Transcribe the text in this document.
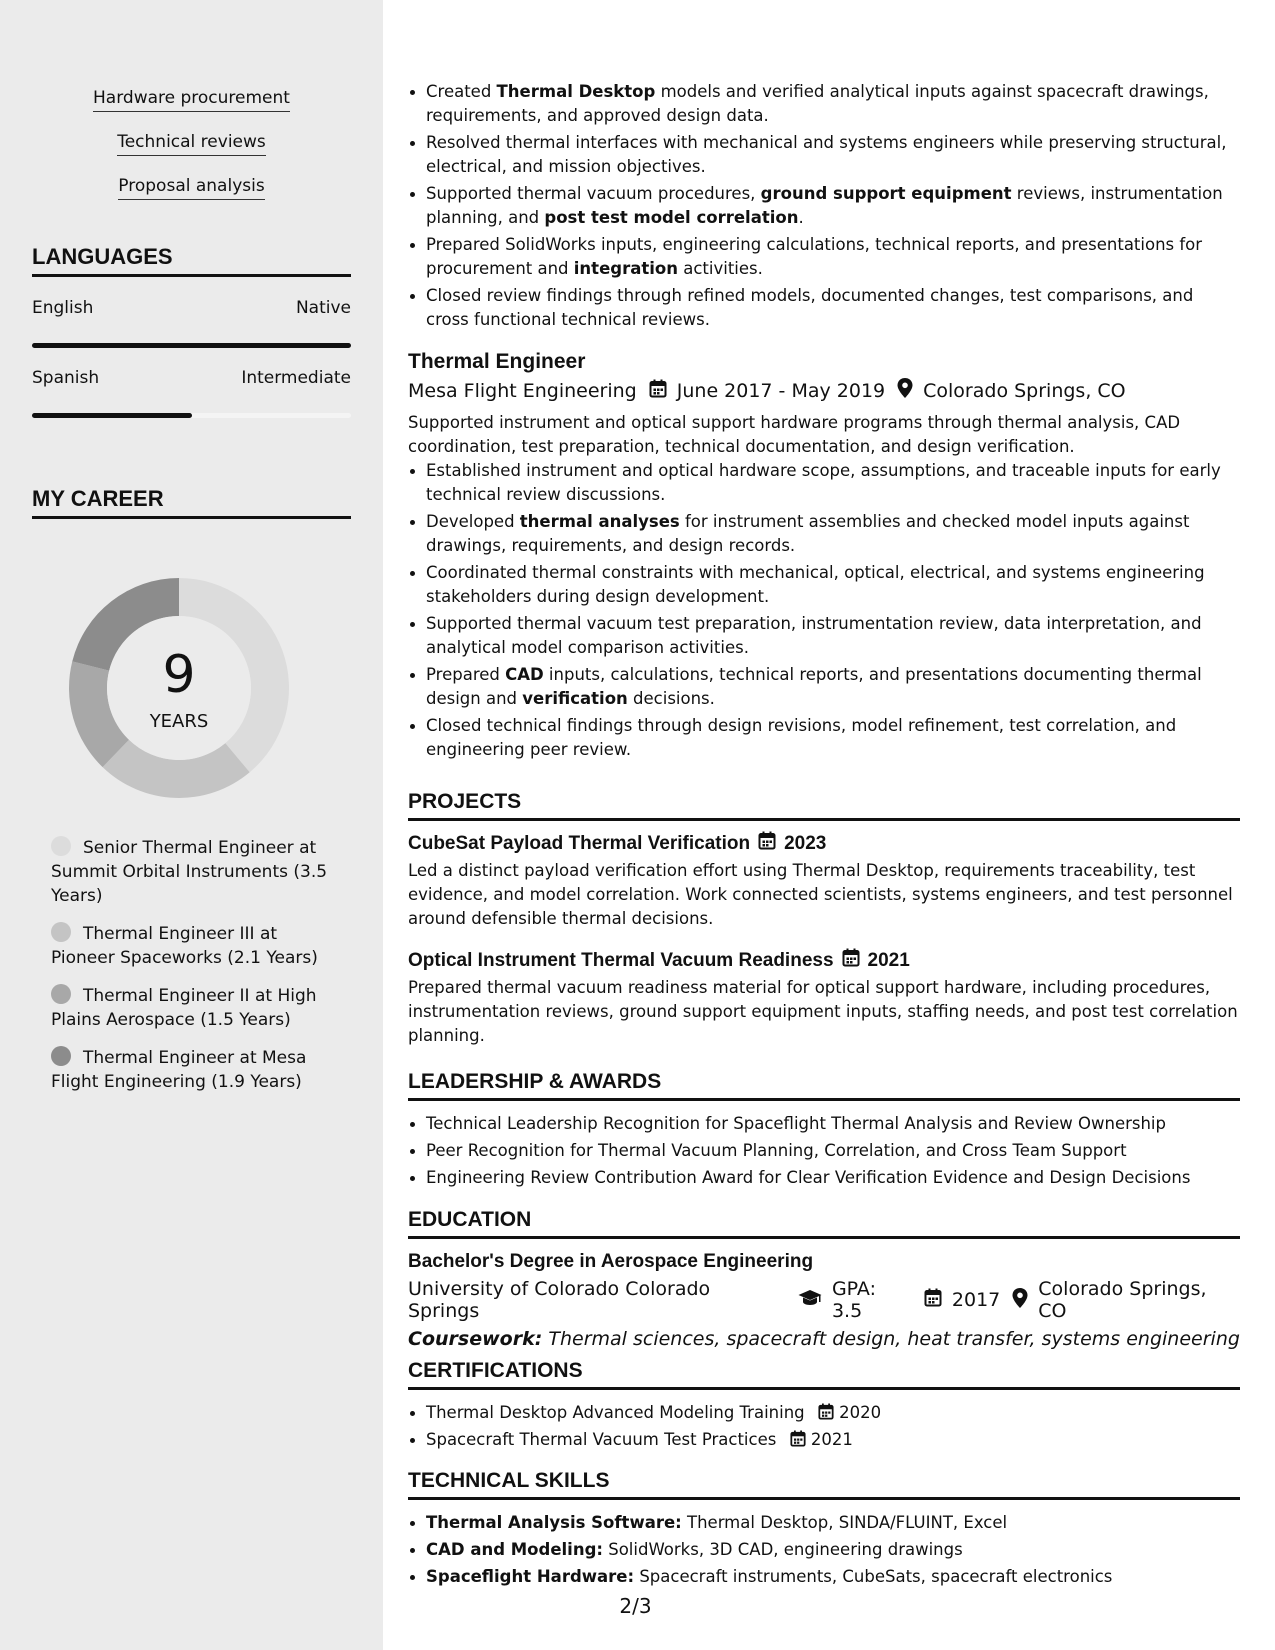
Hardware procurement
Technical reviews
Proposal analysis
LANGUAGES
English	Native
Spanish	Intermediate
MY CAREER
9
YEARS
Senior Thermal Engineer at Summit Orbital Instruments (3.5 Years)
Thermal Engineer III at Pioneer Spaceworks (2.1 Years)
Thermal Engineer II at High Plains Aerospace (1.5 Years)
Thermal Engineer at Mesa Flight Engineering (1.9 Years)
Created Thermal Desktop models and verified analytical inputs against spacecraft drawings, requirements, and approved design data.
Resolved thermal interfaces with mechanical and systems engineers while preserving structural, electrical, and mission objectives.
Supported thermal vacuum procedures, ground support equipment reviews, instrumentation planning, and post test model correlation.
Prepared SolidWorks inputs, engineering calculations, technical reports, and presentations for procurement and integration activities.
Closed review findings through refined models, documented changes, test comparisons, and cross functional technical reviews.
Thermal Engineer
Mesa Flight Engineering June 2017 - May 2019 Colorado Springs, CO
Supported instrument and optical support hardware programs through thermal analysis, CAD coordination, test preparation, technical documentation, and design verification.
Established instrument and optical hardware scope, assumptions, and traceable inputs for early technical review discussions.
Developed thermal analyses for instrument assemblies and checked model inputs against drawings, requirements, and design records.
Coordinated thermal constraints with mechanical, optical, electrical, and systems engineering stakeholders during design development.
Supported thermal vacuum test preparation, instrumentation review, data interpretation, and analytical model comparison activities.
Prepared CAD inputs, calculations, technical reports, and presentations documenting thermal design and verification decisions.
Closed technical findings through design revisions, model refinement, test correlation, and engineering peer review.
PROJECTS
CubeSat Payload Thermal Verification 2023
Led a distinct payload verification effort using Thermal Desktop, requirements traceability, test evidence, and model correlation. Work connected scientists, systems engineers, and test personnel around defensible thermal decisions.
Optical Instrument Thermal Vacuum Readiness 2021
Prepared thermal vacuum readiness material for optical support hardware, including procedures, instrumentation reviews, ground support equipment inputs, staffing needs, and post test correlation planning.
LEADERSHIP & AWARDS
Technical Leadership Recognition for Spaceflight Thermal Analysis and Review Ownership
Peer Recognition for Thermal Vacuum Planning, Correlation, and Cross Team Support
Engineering Review Contribution Award for Clear Verification Evidence and Design Decisions
EDUCATION
Bachelor's Degree in Aerospace Engineering
University of Colorado Colorado Springs
GPA: 3.5	2017 Colorado Springs, CO
Coursework: Thermal sciences, spacecraft design, heat transfer, systems engineering
CERTIFICATIONS
Thermal Desktop Advanced Modeling Training 2020
Spacecraft Thermal Vacuum Test Practices 2021
TECHNICAL SKILLS
Thermal Analysis Software: Thermal Desktop, SINDA/FLUINT, Excel
CAD and Modeling: SolidWorks, 3D CAD, engineering drawings
Spaceflight Hardware: Spacecraft instruments, CubeSats, spacecraft electronics
2/3
